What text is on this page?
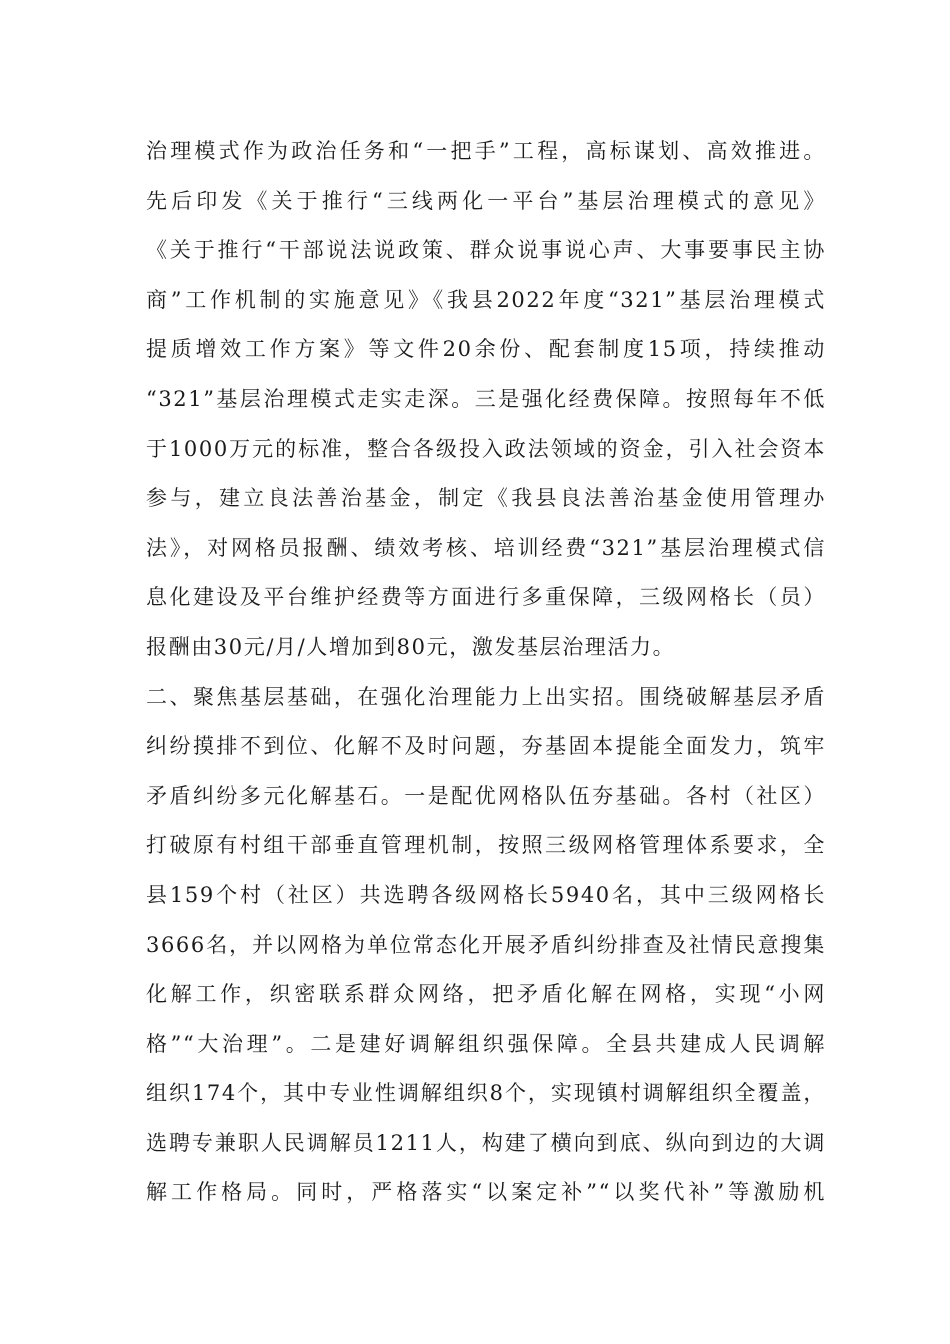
治理模式作为政治任务和“一把手”工程，高标谋划、高效推进。
先后印发《关于推行“三线两化一平台”基层治理模式的意见》
《关于推行“干部说法说政策、群众说事说心声、大事要事民主协
商”工作机制的实施意见》《我县2022年度“321”基层治理模式
提质增效工作方案》等文件20余份、配套制度15项，持续推动
“321”基层治理模式走实走深。三是强化经费保障。按照每年不低
于1000万元的标准，整合各级投入政法领域的资金，引入社会资本
参与，建立良法善治基金，制定《我县良法善治基金使用管理办
法》，对网格员报酬、绩效考核、培训经费“321”基层治理模式信
息化建设及平台维护经费等方面进行多重保障，三级网格长（员）
报酬由30元/月/人增加到80元，激发基层治理活力。
二、聚焦基层基础，在强化治理能力上出实招。围绕破解基层矛盾
纠纷摸排不到位、化解不及时问题，夯基固本提能全面发力，筑牢
矛盾纠纷多元化解基石。一是配优网格队伍夯基础。各村（社区）
打破原有村组干部垂直管理机制，按照三级网格管理体系要求，全
县159个村（社区）共选聘各级网格长5940名，其中三级网格长
3666名，并以网格为单位常态化开展矛盾纠纷排查及社情民意搜集
化解工作，织密联系群众网络，把矛盾化解在网格，实现“小网
格”“大治理”。二是建好调解组织强保障。全县共建成人民调解
组织174个，其中专业性调解组织8个，实现镇村调解组织全覆盖，
选聘专兼职人民调解员1211人，构建了横向到底、纵向到边的大调
解工作格局。同时，严格落实“以案定补”“以奖代补”等激励机
